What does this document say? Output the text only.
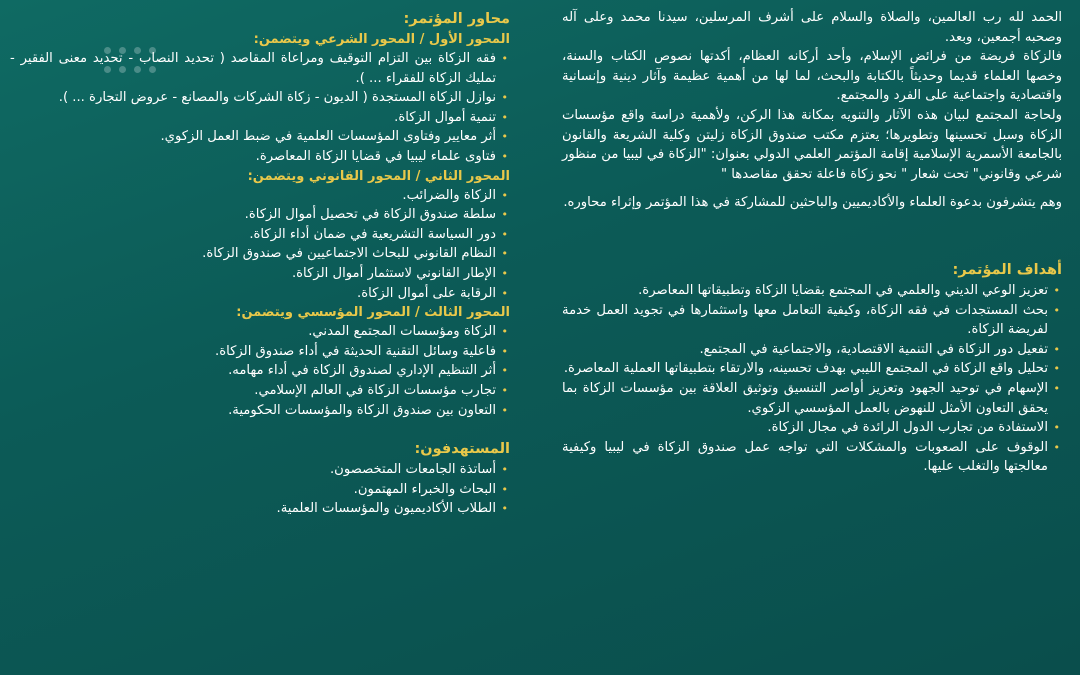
الحمد لله رب العالمين، والصلاة والسلام على أشرف المرسلين، سيدنا محمد وعلى آله وصحبه أجمعين، وبعد.

فالزكاة فريضة من فرائض الإسلام، وأحد أركانه العظام، أكدتها نصوص الكتاب والسنة، وخصها العلماء قديما وحديثاً بالكتابة والبحث، لما لها من أهمية عظيمة وآثار دينية وإنسانية واقتصادية واجتماعية على الفرد والمجتمع.

ولحاجة المجتمع لبيان هذه الآثار والتنويه بمكانة هذا الركن، ولأهمية دراسة واقع مؤسسات الزكاة وسبل تحسينها وتطويرها؛ يعتزم مكتب صندوق الزكاة زليتن وكلية الشريعة والقانون بالجامعة الأسمرية الإسلامية إقامة المؤتمر العلمي الدولي بعنوان: "الزكاة في ليبيا من منظور شرعي وقانوني" تحت شعار " نحو زكاة فاعلة تحقق مقاصدها "

وهم يتشرفون بدعوة العلماء والأكاديميين والباحثين للمشاركة في هذا المؤتمر وإثراء محاوره.

أهداف المؤتمر:
•
تعزيز الوعي الديني والعلمي في المجتمع بقضايا الزكاة وتطبيقاتها المعاصرة.
•
بحث المستجدات في فقه الزكاة، وكيفية التعامل معها واستثمارها في تجويد العمل خدمة لفريضة الزكاة.
•
تفعيل دور الزكاة في التنمية الاقتصادية، والاجتماعية في المجتمع.
•
تحليل واقع الزكاة في المجتمع الليبي بهدف تحسينه، والارتقاء بتطبيقاتها العملية المعاصرة.
•
الإسهام في توحيد الجهود وتعزيز أواصر التنسيق وتوثيق العلاقة بين مؤسسات الزكاة بما يحقق التعاون الأمثل للنهوض بالعمل المؤسسي الزكوي.
•
الاستفادة من تجارب الدول الرائدة في مجال الزكاة.
•
الوقوف على الصعوبات والمشكلات التي تواجه عمل صندوق الزكاة في ليبيا وكيفية معالجتها والتغلب عليها.
محاور المؤتمر:
المحور الأول / المحور الشرعي ويتضمن:
•
فقه الزكاة بين التزام التوقيف ومراعاة المقاصد ( تحديد النصاب - تحديد معنى الفقير - تمليك الزكاة للفقراء ... ).
•
نوازل الزكاة المستجدة ( الديون - زكاة الشركات والمصانع - عروض التجارة ... ).
•
تنمية أموال الزكاة.
•
أثر معايير وفتاوى المؤسسات العلمية في ضبط العمل الزكوي.
•
فتاوى علماء ليبيا في قضايا الزكاة المعاصرة.
المحور الثاني / المحور القانوني ويتضمن:
•
الزكاة والضرائب.
•
سلطة صندوق الزكاة في تحصيل أموال الزكاة.
•
دور السياسة التشريعية في ضمان أداء الزكاة.
•
النظام القانوني للبحاث الاجتماعيين في صندوق الزكاة.
•
الإطار القانوني لاستثمار أموال الزكاة.
•
الرقابة على أموال الزكاة.
المحور الثالث / المحور المؤسسي ويتضمن:
•
الزكاة ومؤسسات المجتمع المدني.
•
فاعلية وسائل التقنية الحديثة في أداء صندوق الزكاة.
•
أثر التنظيم الإداري لصندوق الزكاة في أداء مهامه.
•
تجارب مؤسسات الزكاة في العالم الإسلامي.
•
التعاون بين صندوق الزكاة والمؤسسات الحكومية.
المستهدفون:
•
أساتذة الجامعات المتخصصون.
•
البحاث والخبراء المهتمون.
•
الطلاب الأكاديميون والمؤسسات العلمية.
